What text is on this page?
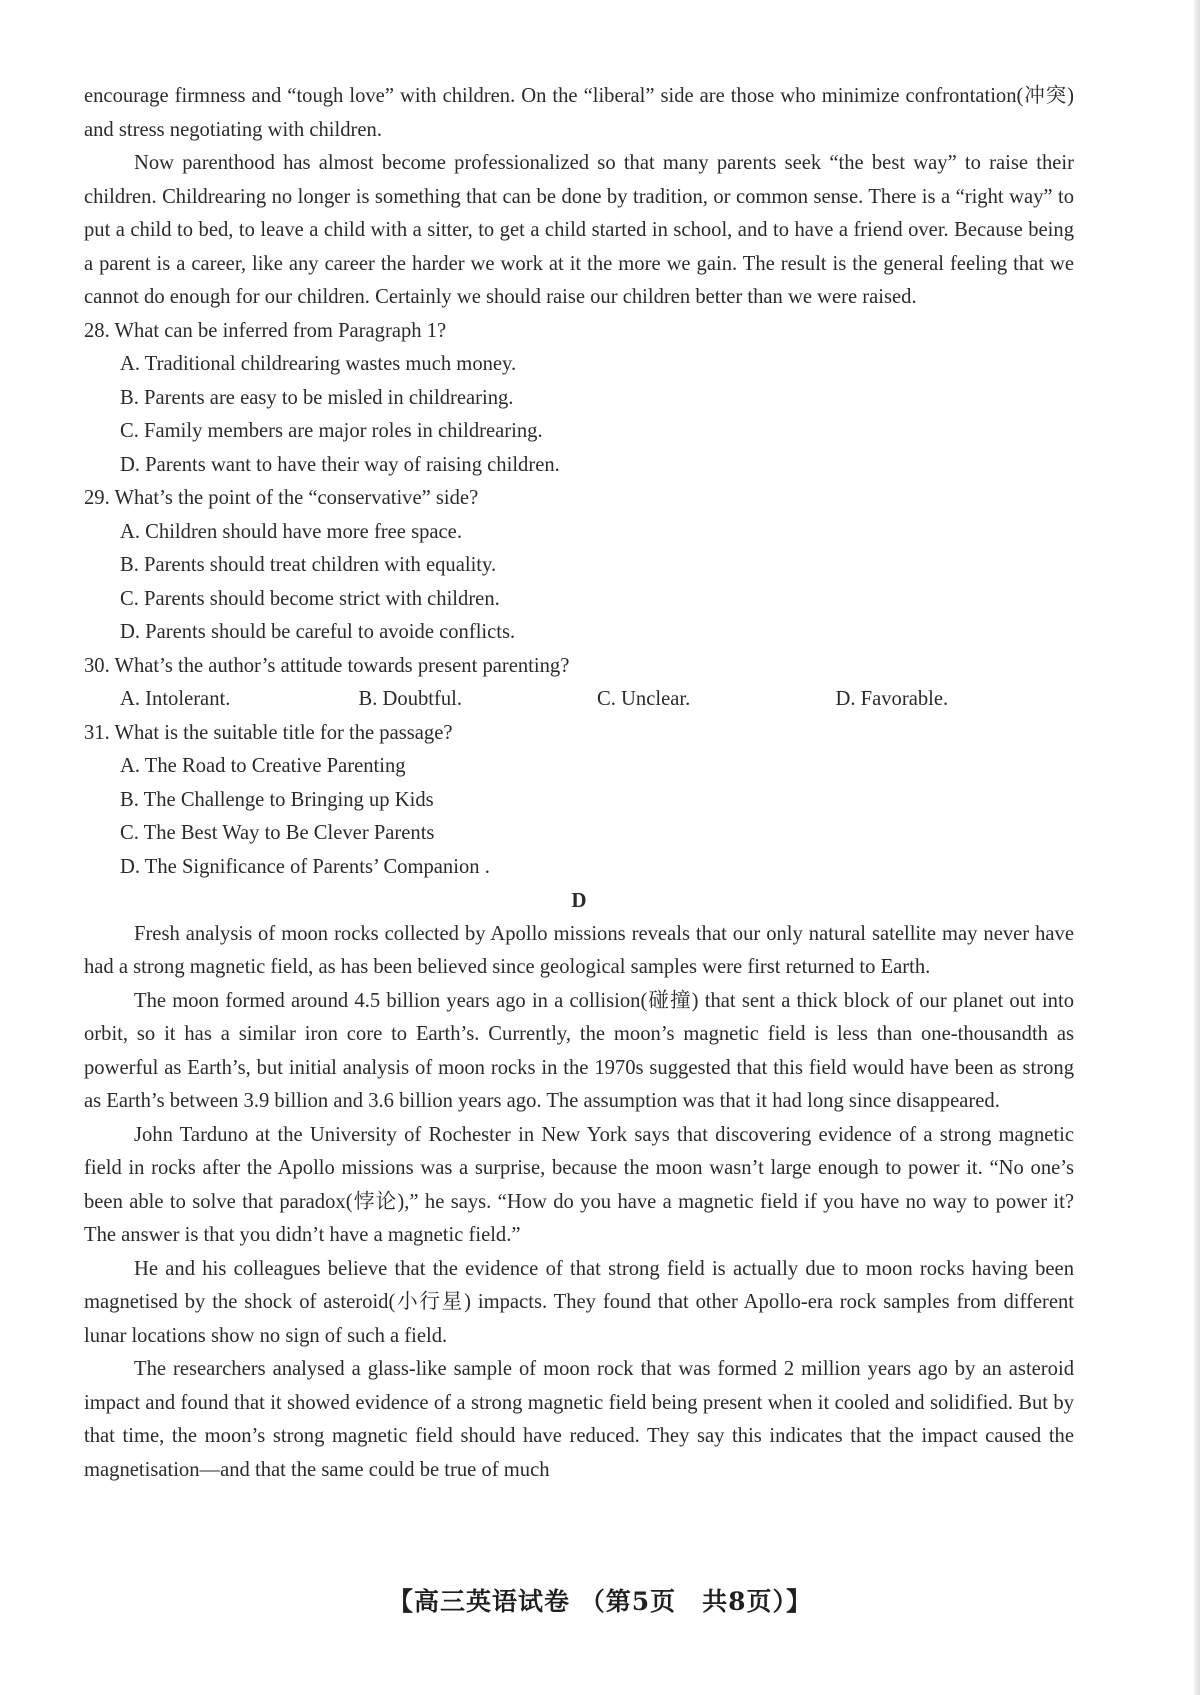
encourage firmness and “tough love” with children. On the “liberal” side are those who minimize confrontation(冲突) and stress negotiating with children.

Now parenthood has almost become professionalized so that many parents seek “the best way” to raise their children. Childrearing no longer is something that can be done by tradition, or common sense. There is a “right way” to put a child to bed, to leave a child with a sitter, to get a child started in school, and to have a friend over. Because being a parent is a career, like any career the harder we work at it the more we gain. The result is the general feeling that we cannot do enough for our children. Certainly we should raise our children better than we were raised.

28. What can be inferred from Paragraph 1?

A. Traditional childrearing wastes much money.

B. Parents are easy to be misled in childrearing.

C. Family members are major roles in childrearing.

D. Parents want to have their way of raising children.

29. What’s the point of the “conservative” side?

A. Children should have more free space.

B. Parents should treat children with equality.

C. Parents should become strict with children.

D. Parents should be careful to avoide conflicts.

30. What’s the author’s attitude towards present parenting?

A. Intolerant.	B. Doubtful.	C. Unclear.	D. Favorable.

31. What is the suitable title for the passage?

A. The Road to Creative Parenting

B. The Challenge to Bringing up Kids

C. The Best Way to Be Clever Parents

D. The Significance of Parents’ Companion .

D

Fresh analysis of moon rocks collected by Apollo missions reveals that our only natural satellite may never have had a strong magnetic field, as has been believed since geological samples were first returned to Earth.

The moon formed around 4.5 billion years ago in a collision(碰撞) that sent a thick block of our planet out into orbit, so it has a similar iron core to Earth’s. Currently, the moon’s magnetic field is less than one-thousandth as powerful as Earth’s, but initial analysis of moon rocks in the 1970s suggested that this field would have been as strong as Earth’s between 3.9 billion and 3.6 billion years ago. The assumption was that it had long since disappeared.

John Tarduno at the University of Rochester in New York says that discovering evidence of a strong magnetic field in rocks after the Apollo missions was a surprise, because the moon wasn’t large enough to power it. “No one’s been able to solve that paradox(悖论),” he says. “How do you have a magnetic field if you have no way to power it? The answer is that you didn’t have a magnetic field.”

He and his colleagues believe that the evidence of that strong field is actually due to moon rocks having been magnetised by the shock of asteroid(小行星) impacts. They found that other Apollo-era rock samples from different lunar locations show no sign of such a field.

The researchers analysed a glass-like sample of moon rock that was formed 2 million years ago by an asteroid impact and found that it showed evidence of a strong magnetic field being present when it cooled and solidified. But by that time, the moon’s strong magnetic field should have reduced. They say this indicates that the impact caused the magnetisation—and that the same could be true of much

【高三英语试卷 （第5页　共8页）】
